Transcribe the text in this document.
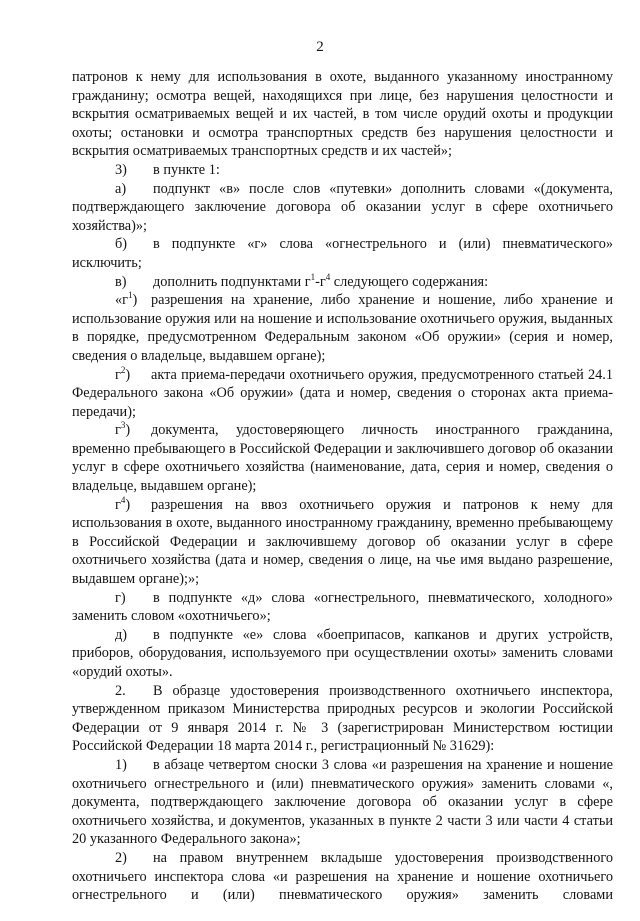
2

патронов к нему для использования в охоте, выданного указанному иностранному гражданину; осмотра вещей, находящихся при лице, без нарушения целостности и вскрытия осматриваемых вещей и их частей, в том числе орудий охоты и продукции охоты; остановки и осмотра транспортных средств без нарушения целостности и вскрытия осматриваемых транспортных средств и их частей»;

3) в пункте 1:

а) подпункт «в» после слов «путевки» дополнить словами «(документа, подтверждающего заключение договора об оказании услуг в сфере охотничьего хозяйства)»;

б) в подпункте «г» слова «огнестрельного и (или) пневматического» исключить;

в) дополнить подпунктами $г^1-г^4$ следующего содержания:

«$г^1$) разрешения на хранение, либо хранение и ношение, либо хранение и использование оружия или на ношение и использование охотничьего оружия, выданных в порядке, предусмотренном Федеральным законом «Об оружии» (серия и номер, сведения о владельце, выдавшем органе);

$г^2$) акта приема-передачи охотничьего оружия, предусмотренного статьей 24.1 Федерального закона «Об оружии» (дата и номер, сведения о сторонах акта приема-передачи);

$г^3$) документа, удостоверяющего личность иностранного гражданина, временно пребывающего в Российской Федерации и заключившего договор об оказании услуг в сфере охотничьего хозяйства (наименование, дата, серия и номер, сведения о владельце, выдавшем органе);

$г^4$) разрешения на ввоз охотничьего оружия и патронов к нему для использования в охоте, выданного иностранному гражданину, временно пребывающему в Российской Федерации и заключившему договор об оказании услуг в сфере охотничьего хозяйства (дата и номер, сведения о лице, на чье имя выдано разрешение, выдавшем органе);»;

г) в подпункте «д» слова «огнестрельного, пневматического, холодного» заменить словом «охотничьего»;

д) в подпункте «е» слова «боеприпасов, капканов и других устройств, приборов, оборудования, используемого при осуществлении охоты» заменить словами «орудий охоты».

2. В образце удостоверения производственного охотничьего инспектора, утвержденном приказом Министерства природных ресурсов и экологии Российской Федерации от 9 января 2014 г. № 3 (зарегистрирован Министерством юстиции Российской Федерации 18 марта 2014 г., регистрационный № 31629):

1) в абзаце четвертом сноски 3 слова «и разрешения на хранение и ношение охотничьего огнестрельного и (или) пневматического оружия» заменить словами «, документа, подтверждающего заключение договора об оказании услуг в сфере охотничьего хозяйства, и документов, указанных в пункте 2 части 3 или части 4 статьи 20 указанного Федерального закона»;

2) на правом внутреннем вкладыше удостоверения производственного охотничьего инспектора слова «и разрешения на хранение и ношение охотничьего огнестрельного и (или) пневматического оружия» заменить словами
